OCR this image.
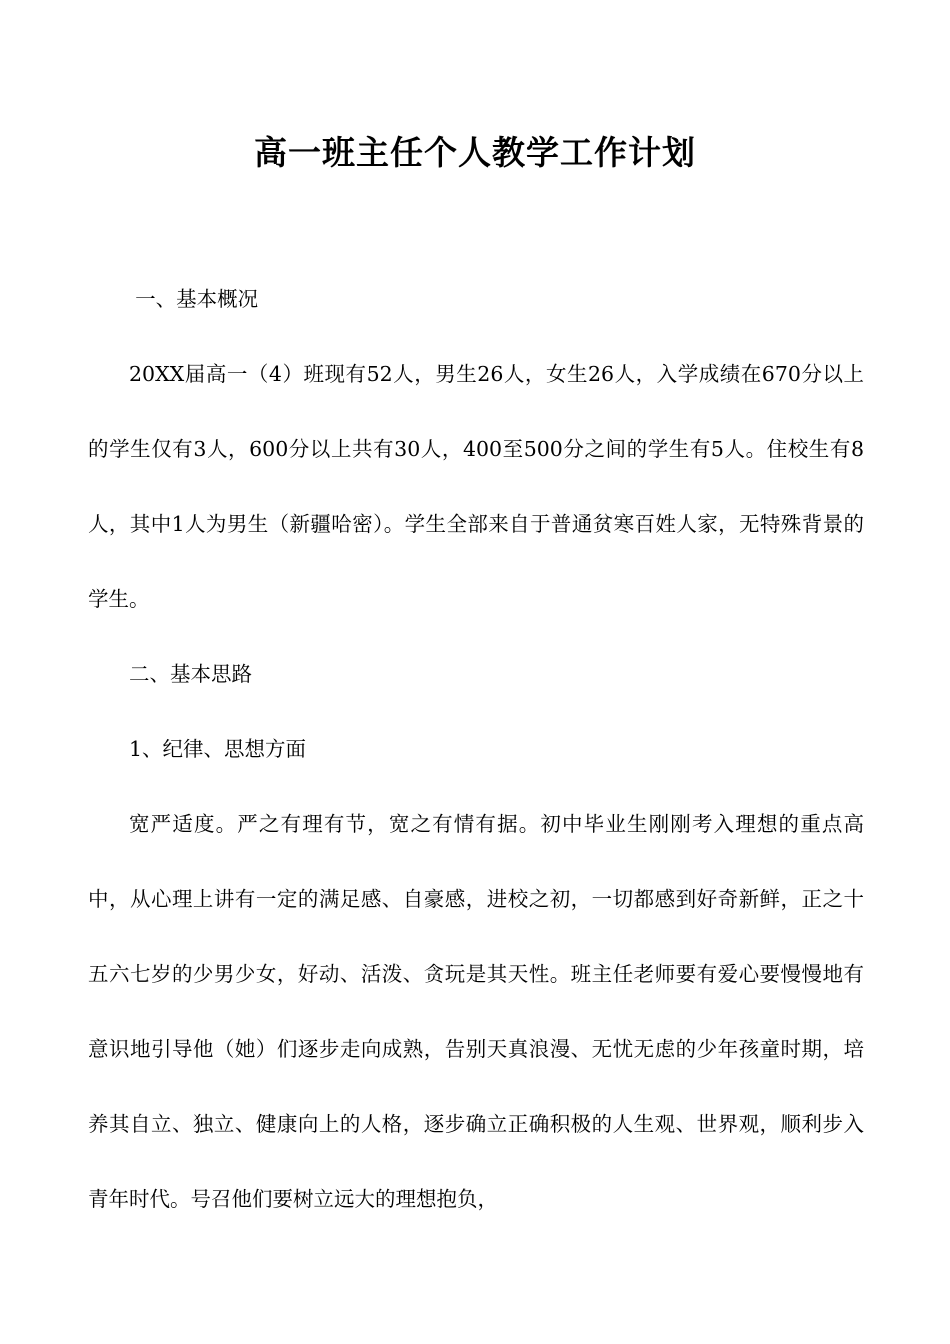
高一班主任个人教学工作计划

一、基本概况

20XX届高一（4）班现有52人，男生26人，女生26人，入学成绩在670分以上的学生仅有3人，600分以上共有30人，400至500分之间的学生有5人。住校生有8人，其中1人为男生（新疆哈密）。学生全部来自于普通贫寒百姓人家，无特殊背景的学生。

二、基本思路

1、纪律、思想方面

宽严适度。严之有理有节，宽之有情有据。初中毕业生刚刚考入理想的重点高中，从心理上讲有一定的满足感、自豪感，进校之初，一切都感到好奇新鲜，正之十五六七岁的少男少女，好动、活泼、贪玩是其天性。班主任老师要有爱心要慢慢地有意识地引导他（她）们逐步走向成熟，告别天真浪漫、无忧无虑的少年孩童时期，培养其自立、独立、健康向上的人格，逐步确立正确积极的人生观、世界观，顺利步入青年时代。号召他们要树立远大的理想抱负，
